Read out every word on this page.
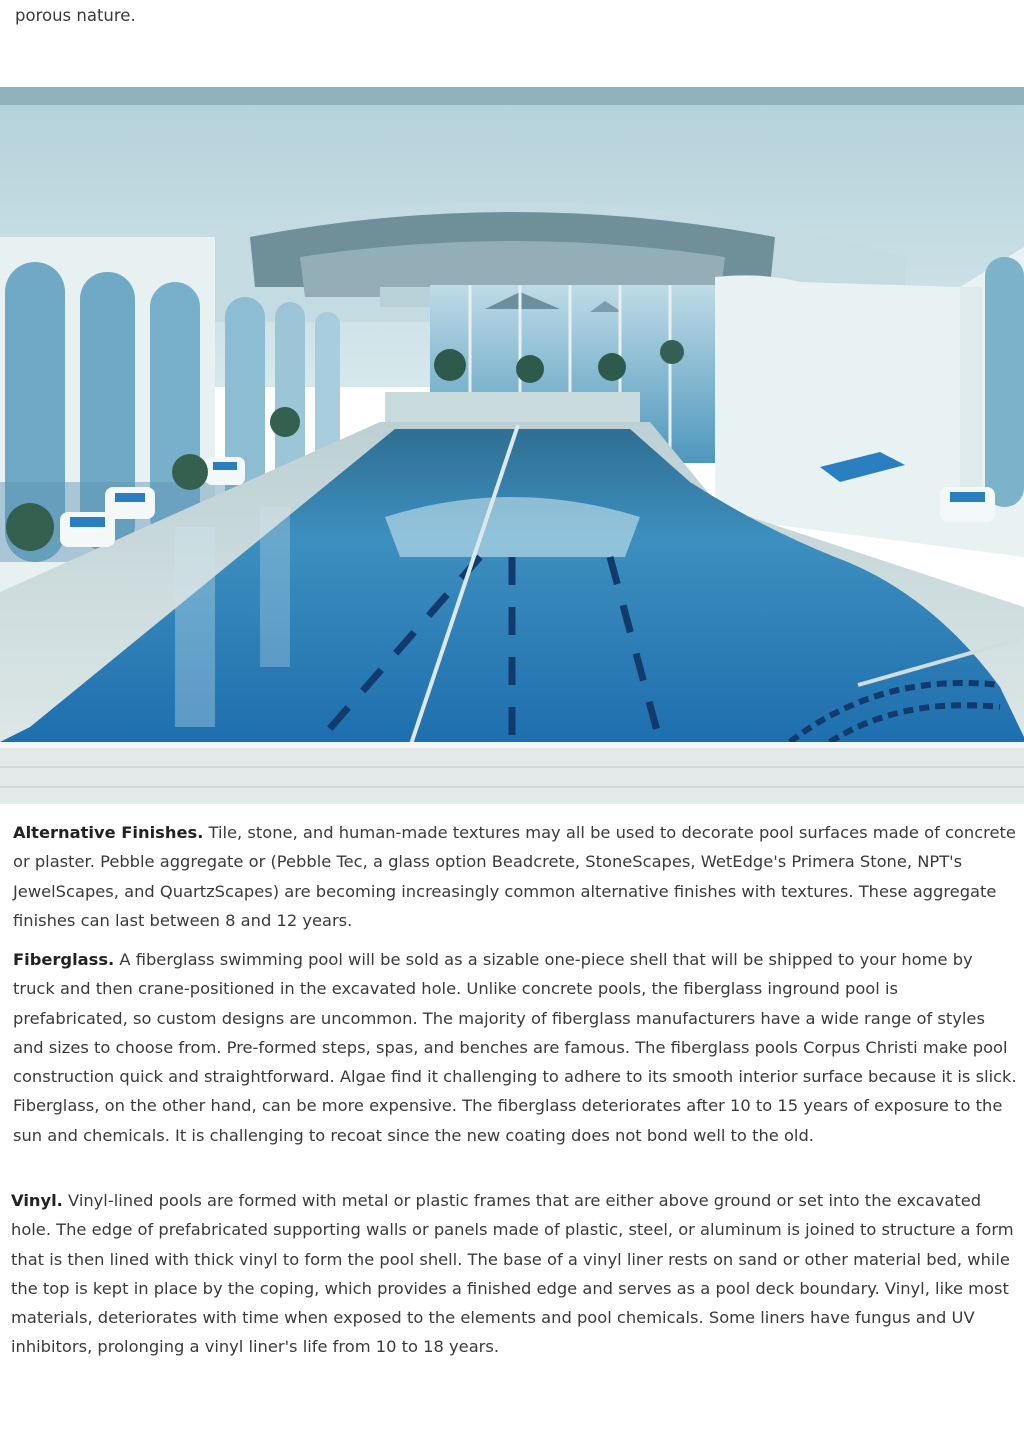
porous nature.

Alternative Finishes. Tile, stone, and human-made textures may all be used to decorate pool surfaces made of concrete or plaster. Pebble aggregate or (Pebble Tec, a glass option Beadcrete, StoneScapes, WetEdge's Primera Stone, NPT's JewelScapes, and QuartzScapes) are becoming increasingly common alternative finishes with textures. These aggregate finishes can last between 8 and 12 years.

Fiberglass. A fiberglass swimming pool will be sold as a sizable one-piece shell that will be shipped to your home by truck and then crane-positioned in the excavated hole. Unlike concrete pools, the fiberglass inground pool is prefabricated, so custom designs are uncommon. The majority of fiberglass manufacturers have a wide range of styles and sizes to choose from. Pre-formed steps, spas, and benches are famous. The fiberglass pools Corpus Christi make pool construction quick and straightforward. Algae find it challenging to adhere to its smooth interior surface because it is slick. Fiberglass, on the other hand, can be more expensive. The fiberglass deteriorates after 10 to 15 years of exposure to the sun and chemicals. It is challenging to recoat since the new coating does not bond well to the old.

Vinyl. Vinyl-lined pools are formed with metal or plastic frames that are either above ground or set into the excavated hole. The edge of prefabricated supporting walls or panels made of plastic, steel, or aluminum is joined to structure a form that is then lined with thick vinyl to form the pool shell. The base of a vinyl liner rests on sand or other material bed, while the top is kept in place by the coping, which provides a finished edge and serves as a pool deck boundary. Vinyl, like most materials, deteriorates with time when exposed to the elements and pool chemicals. Some liners have fungus and UV inhibitors, prolonging a vinyl liner's life from 10 to 18 years.
